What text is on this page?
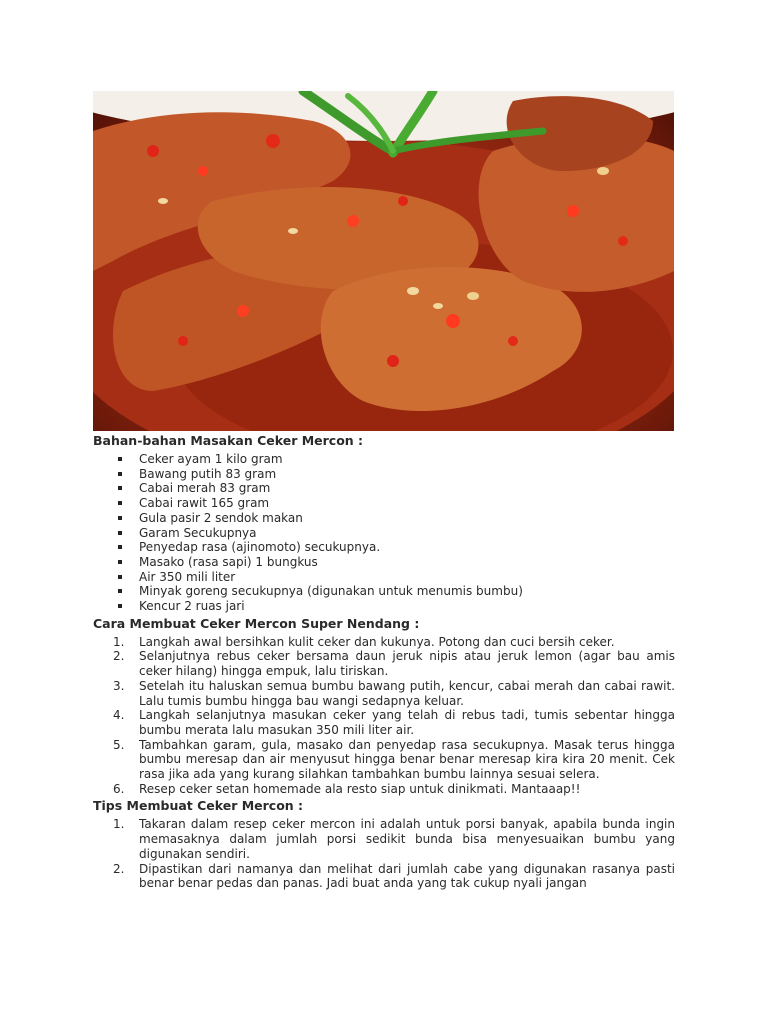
Bahan-bahan Masakan Ceker Mercon :
Ceker ayam 1 kilo gram
Bawang putih 83 gram
Cabai merah 83 gram
Cabai rawit 165 gram
Gula pasir 2 sendok makan
Garam Secukupnya
Penyedap rasa (ajinomoto) secukupnya.
Masako (rasa sapi) 1 bungkus
Air 350 mili liter
Minyak goreng secukupnya (digunakan untuk menumis bumbu)
Kencur 2 ruas jari
Cara Membuat Ceker Mercon Super Nendang :
1. Langkah awal bersihkan kulit ceker dan kukunya. Potong dan cuci bersih ceker.
2. Selanjutnya rebus ceker bersama daun jeruk nipis atau jeruk lemon (agar bau amis ceker hilang) hingga empuk, lalu tiriskan.
3. Setelah itu haluskan semua bumbu bawang putih, kencur, cabai merah dan cabai rawit. Lalu tumis bumbu hingga bau wangi sedapnya keluar.
4. Langkah selanjutnya masukan ceker yang telah di rebus tadi, tumis sebentar hingga bumbu merata lalu masukan 350 mili liter air.
5. Tambahkan garam, gula, masako dan penyedap rasa secukupnya. Masak terus hingga bumbu meresap dan air menyusut hingga benar benar meresap kira kira 20 menit. Cek rasa jika ada yang kurang silahkan tambahkan bumbu lainnya sesuai selera.
6. Resep ceker setan homemade ala resto siap untuk dinikmati. Mantaaap!!
Tips Membuat Ceker Mercon :
1. Takaran dalam resep ceker mercon ini adalah untuk porsi banyak, apabila bunda ingin memasaknya dalam jumlah porsi sedikit bunda bisa menyesuaikan bumbu yang digunakan sendiri.
2. Dipastikan dari namanya dan melihat dari jumlah cabe yang digunakan rasanya pasti benar benar pedas dan panas. Jadi buat anda yang tak cukup nyali jangan
